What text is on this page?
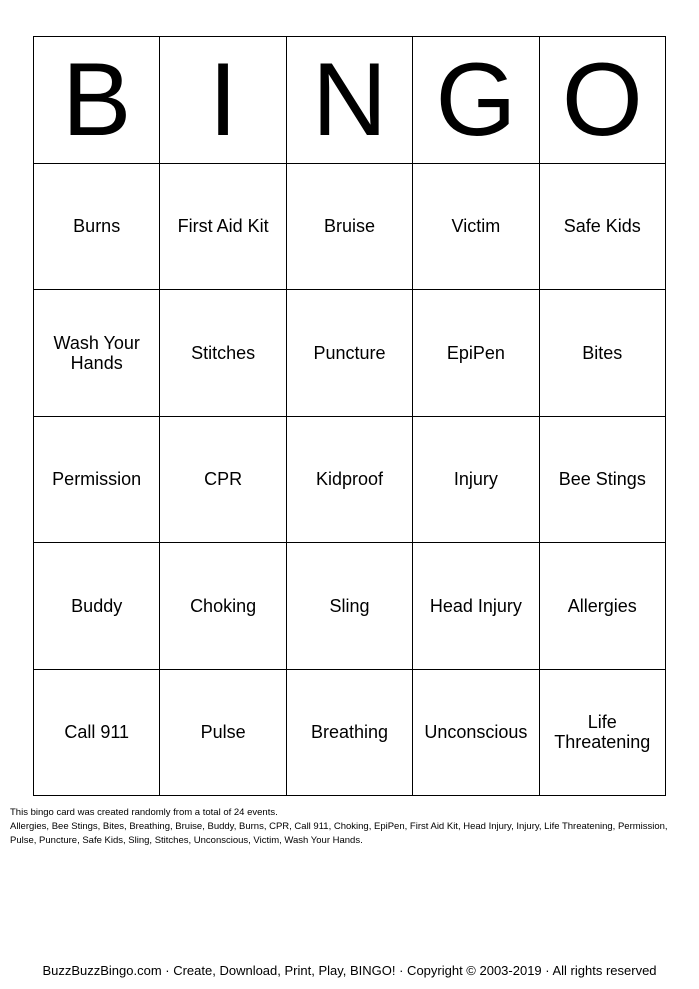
B I N G O
Burns	First Aid Kit	Bruise	Victim	Safe Kids
Wash Your Hands	Stitches	Puncture	EpiPen	Bites
Permission	CPR	Kidproof	Injury	Bee Stings
Buddy	Choking	Sling	Head Injury	Allergies
Call 911	Pulse	Breathing	Unconscious	Life Threatening
This bingo card was created randomly from a total of 24 events.
Allergies, Bee Stings, Bites, Breathing, Bruise, Buddy, Burns, CPR, Call 911, Choking, EpiPen, First Aid Kit, Head Injury, Injury, Life Threatening, Permission, Pulse, Puncture, Safe Kids, Sling, Stitches, Unconscious, Victim, Wash Your Hands.
BuzzBuzzBingo.com · Create, Download, Print, Play, BINGO! · Copyright © 2003-2019 · All rights reserved
